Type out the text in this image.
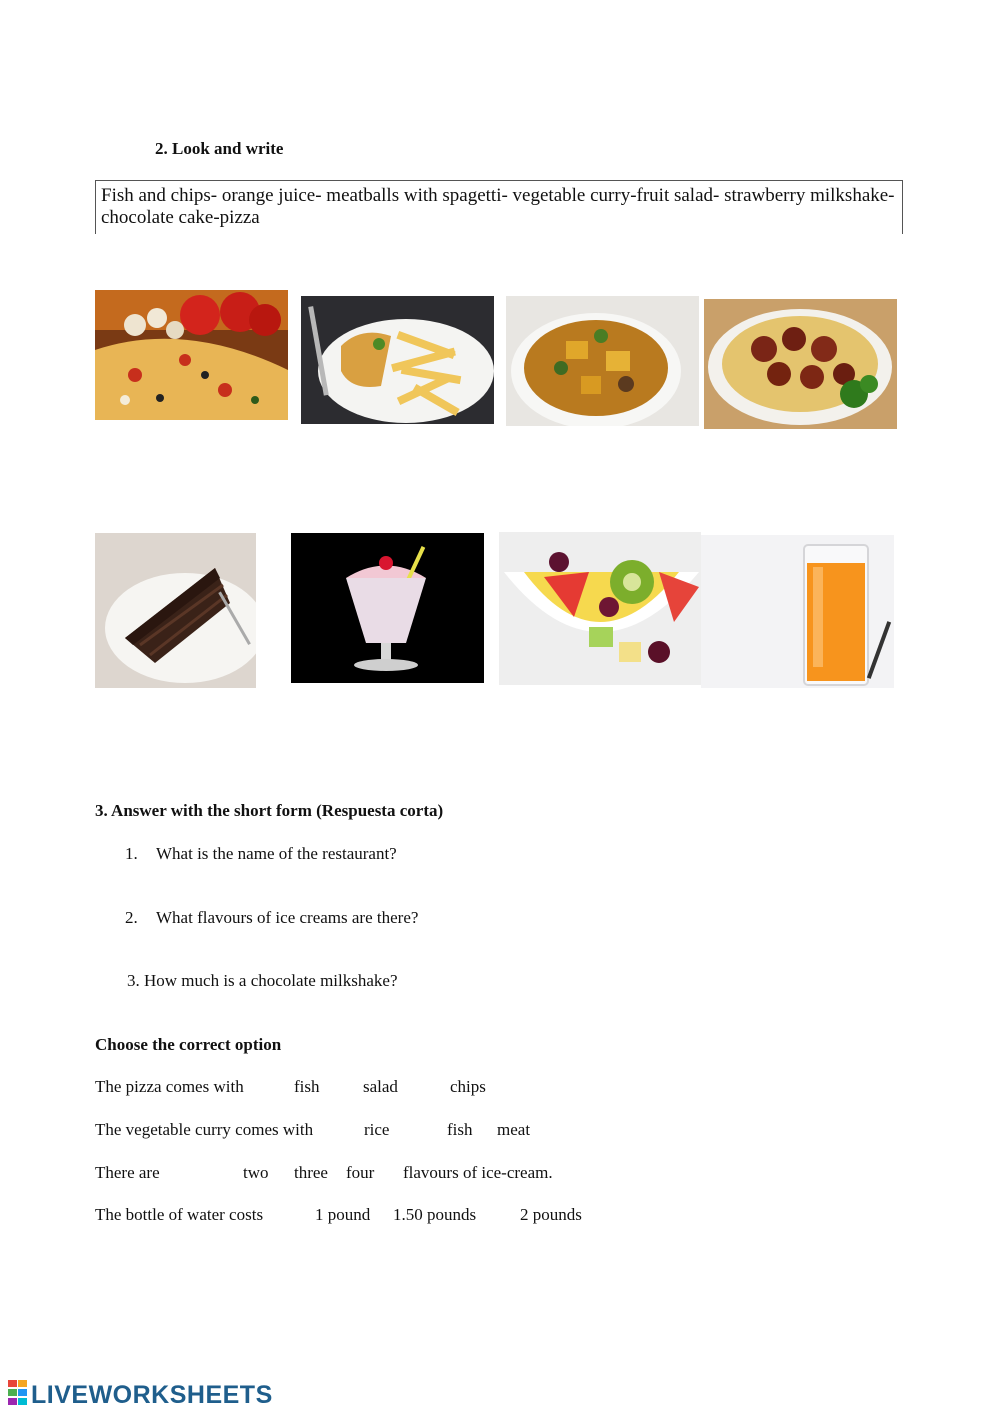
2. Look and write
Fish and chips- orange juice- meatballs with spagetti- vegetable curry-fruit salad- strawberry milkshake-chocolate cake-pizza
3. Answer with the short form (Respuesta corta)
1. What is the name of the restaurant?
2. What flavours of ice creams are there?
3. How much is a chocolate milkshake?
Choose the correct option
The pizza comes with	fish	salad	chips
The vegetable curry comes with	rice	fish meat
There are	two three four flavours of ice-cream.
The bottle of water costs	1 pound 1.50 pounds	2 pounds
LIVEWORKSHEETS
